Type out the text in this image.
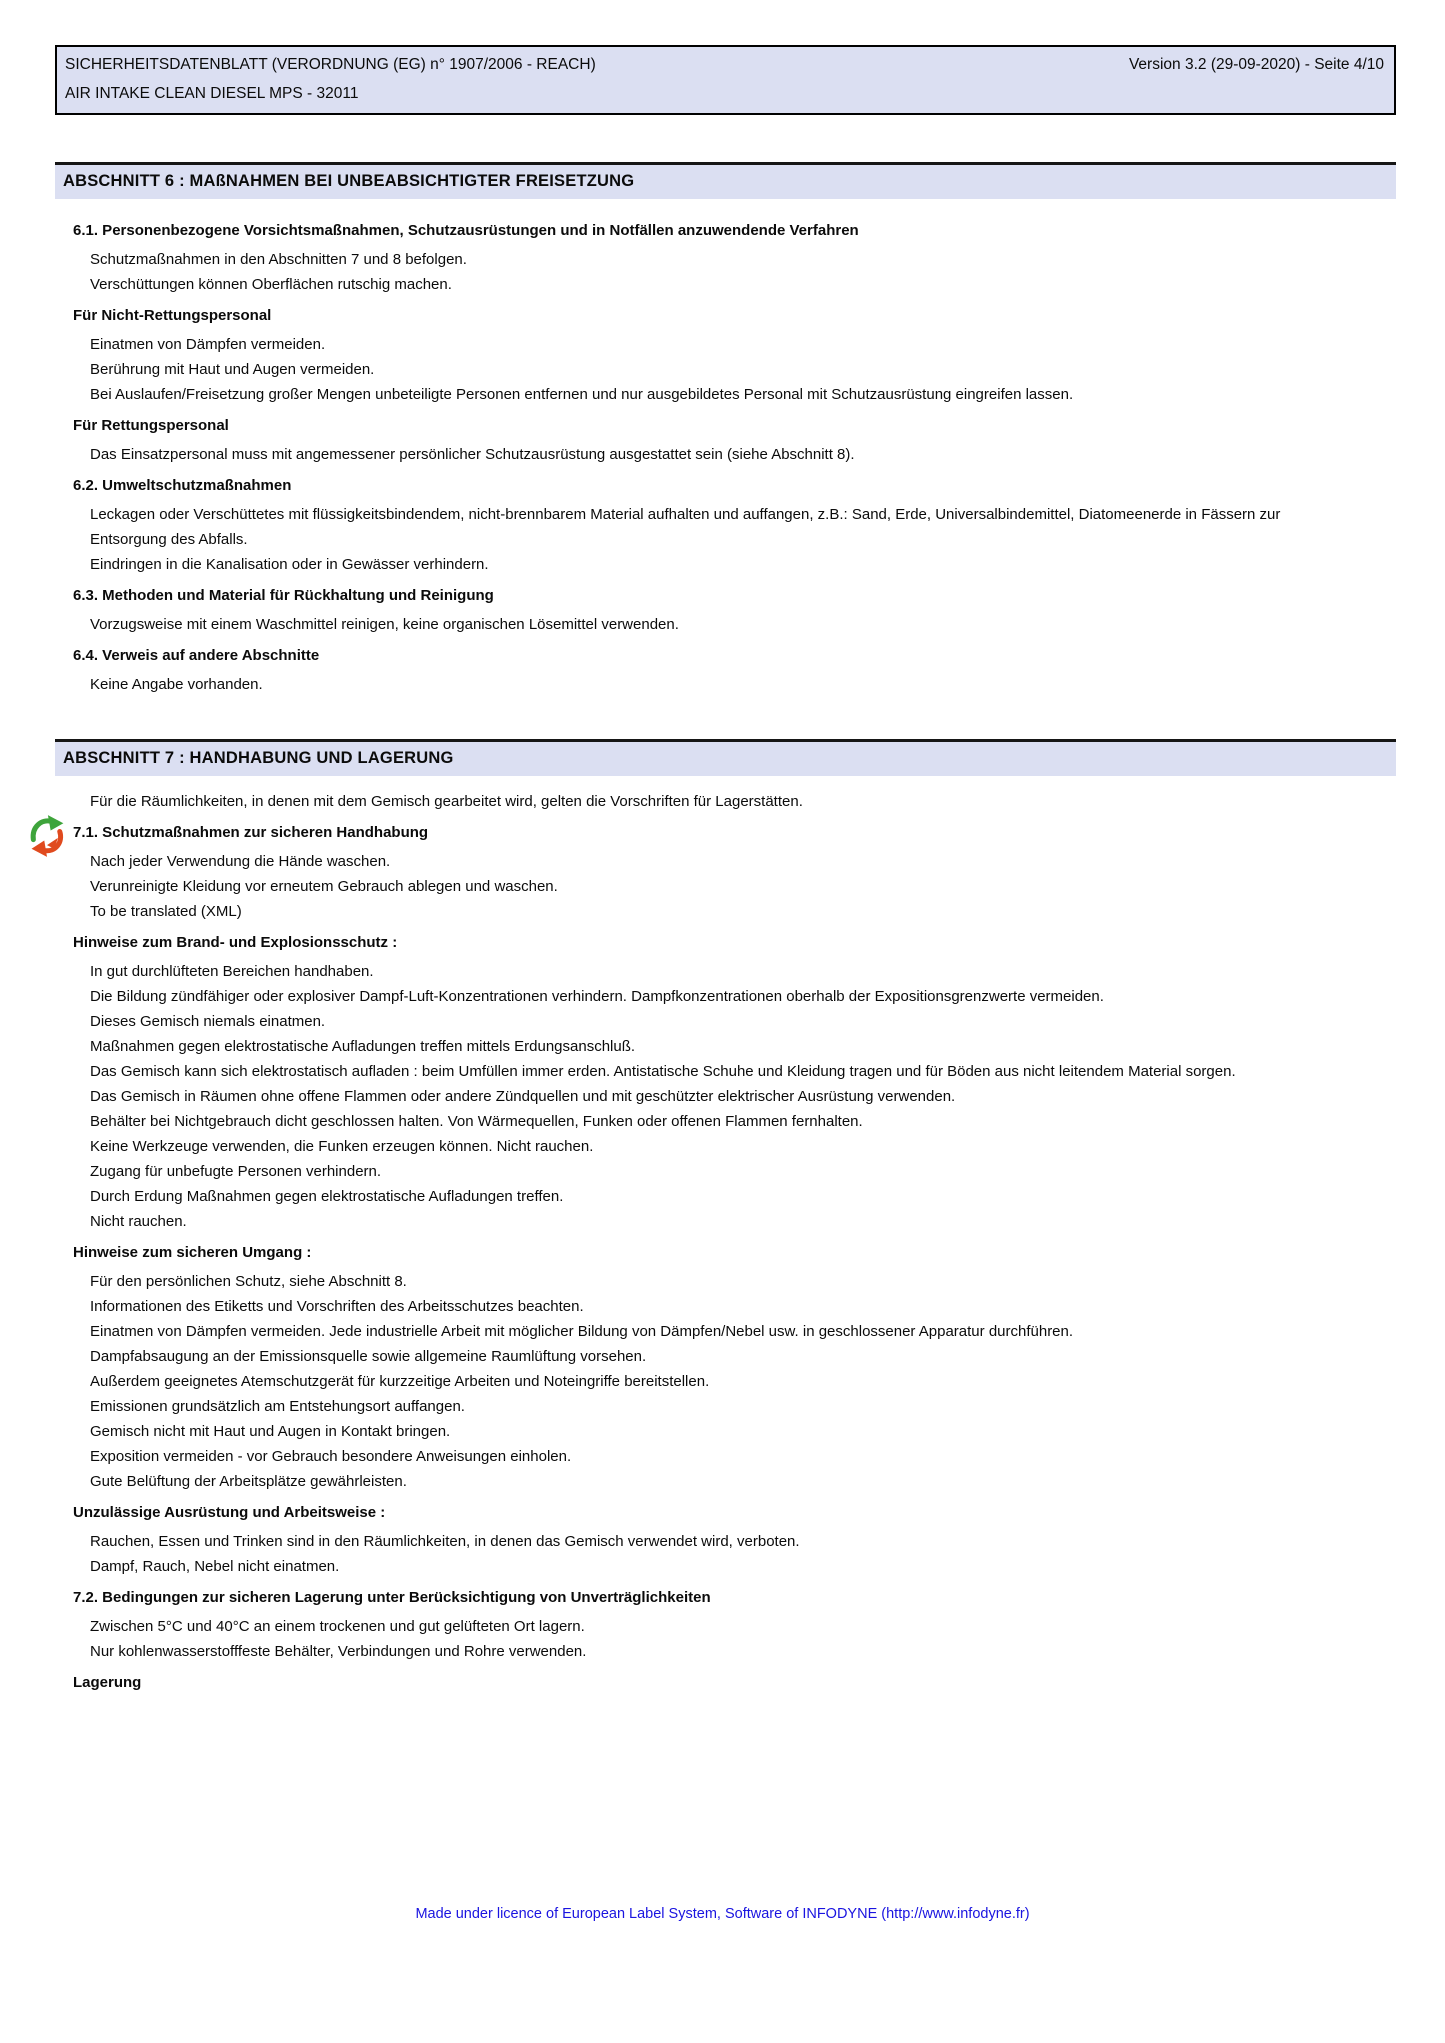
SICHERHEITSDATENBLATT (VERORDNUNG (EG) n° 1907/2006 - REACH)	Version 3.2 (29-09-2020) - Seite 4/10
AIR INTAKE CLEAN DIESEL MPS - 32011
ABSCHNITT 6 : MAßNAHMEN BEI UNBEABSICHTIGTER FREISETZUNG
6.1. Personenbezogene Vorsichtsmaßnahmen, Schutzausrüstungen und in Notfällen anzuwendende Verfahren
Schutzmaßnahmen in den Abschnitten 7 und 8 befolgen.
Verschüttungen können Oberflächen rutschig machen.
Für Nicht-Rettungspersonal
Einatmen von Dämpfen vermeiden.
Berührung mit Haut und Augen vermeiden.
Bei Auslaufen/Freisetzung großer Mengen unbeteiligte Personen entfernen und nur ausgebildetes Personal mit Schutzausrüstung eingreifen lassen.
Für Rettungspersonal
Das Einsatzpersonal muss mit angemessener persönlicher Schutzausrüstung ausgestattet sein (siehe Abschnitt 8).
6.2. Umweltschutzmaßnahmen
Leckagen oder Verschüttetes mit flüssigkeitsbindendem, nicht-brennbarem Material aufhalten und auffangen, z.B.: Sand, Erde, Universalbindemittel, Diatomeenerde in Fässern zur Entsorgung des Abfalls.
Eindringen in die Kanalisation oder in Gewässer verhindern.
6.3. Methoden und Material für Rückhaltung und Reinigung
Vorzugsweise mit einem Waschmittel reinigen, keine organischen Lösemittel verwenden.
6.4. Verweis auf andere Abschnitte
Keine Angabe vorhanden.
ABSCHNITT 7 : HANDHABUNG UND LAGERUNG
Für die Räumlichkeiten, in denen mit dem Gemisch gearbeitet wird, gelten die Vorschriften für Lagerstätten.
7.1. Schutzmaßnahmen zur sicheren Handhabung
Nach jeder Verwendung die Hände waschen.
Verunreinigte Kleidung vor erneutem Gebrauch ablegen und waschen.
To be translated (XML)
Hinweise zum Brand- und Explosionsschutz :
In gut durchlüfteten Bereichen handhaben.
Die Bildung zündfähiger oder explosiver Dampf-Luft-Konzentrationen verhindern. Dampfkonzentrationen oberhalb der Expositionsgrenzwerte vermeiden.
Dieses Gemisch niemals einatmen.
Maßnahmen gegen elektrostatische Aufladungen treffen mittels Erdungsanschluß.
Das Gemisch kann sich elektrostatisch aufladen : beim Umfüllen immer erden. Antistatische Schuhe und Kleidung tragen und für Böden aus nicht leitendem Material sorgen.
Das Gemisch in Räumen ohne offene Flammen oder andere Zündquellen und mit geschützter elektrischer Ausrüstung verwenden.
Behälter bei Nichtgebrauch dicht geschlossen halten. Von Wärmequellen, Funken oder offenen Flammen fernhalten.
Keine Werkzeuge verwenden, die Funken erzeugen können. Nicht rauchen.
Zugang für unbefugte Personen verhindern.
Durch Erdung Maßnahmen gegen elektrostatische Aufladungen treffen.
Nicht rauchen.
Hinweise zum sicheren Umgang :
Für den persönlichen Schutz, siehe Abschnitt 8.
Informationen des Etiketts und Vorschriften des Arbeitsschutzes beachten.
Einatmen von Dämpfen vermeiden. Jede industrielle Arbeit mit möglicher Bildung von Dämpfen/Nebel usw. in geschlossener Apparatur durchführen.
Dampfabsaugung an der Emissionsquelle sowie allgemeine Raumlüftung vorsehen.
Außerdem geeignetes Atemschutzgerät für kurzzeitige Arbeiten und Noteingriffe bereitstellen.
Emissionen grundsätzlich am Entstehungsort auffangen.
Gemisch nicht mit Haut und Augen in Kontakt bringen.
Exposition vermeiden - vor Gebrauch besondere Anweisungen einholen.
Gute Belüftung der Arbeitsplätze gewährleisten.
Unzulässige Ausrüstung und Arbeitsweise :
Rauchen, Essen und Trinken sind in den Räumlichkeiten, in denen das Gemisch verwendet wird, verboten.
Dampf, Rauch, Nebel nicht einatmen.
7.2. Bedingungen zur sicheren Lagerung unter Berücksichtigung von Unverträglichkeiten
Zwischen 5°C und 40°C an einem trockenen und gut gelüfteten Ort lagern.
Nur kohlenwasserstofffeste Behälter, Verbindungen und Rohre verwenden.
Lagerung
Made under licence of European Label System, Software of INFODYNE (http://www.infodyne.fr)
